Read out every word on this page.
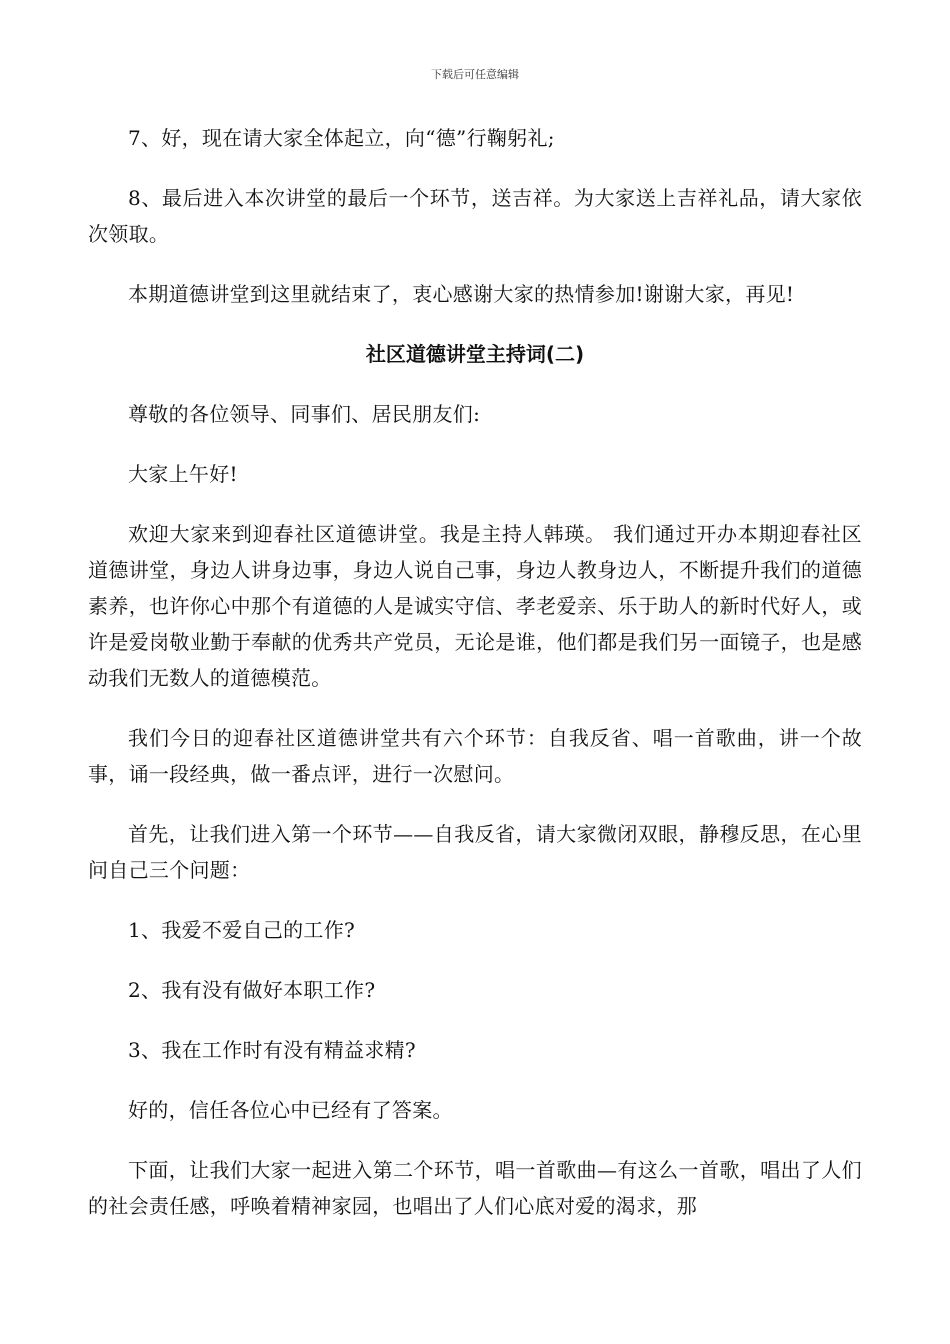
下载后可任意编辑

7、好，现在请大家全体起立，向“德”行鞠躬礼;

8、最后进入本次讲堂的最后一个环节，送吉祥。为大家送上吉祥礼品，请大家依次领取。

本期道德讲堂到这里就结束了，衷心感谢大家的热情参加!谢谢大家，再见!

社区道德讲堂主持词(二)

尊敬的各位领导、同事们、居民朋友们:

大家上午好!

欢迎大家来到迎春社区道德讲堂。我是主持人韩瑛。 我们通过开办本期迎春社区道德讲堂，身边人讲身边事，身边人说自己事，身边人教身边人，不断提升我们的道德素养，也许你心中那个有道德的人是诚实守信、孝老爱亲、乐于助人的新时代好人，或许是爱岗敬业勤于奉献的优秀共产党员，无论是谁，他们都是我们另一面镜子，也是感动我们无数人的道德模范。

我们今日的迎春社区道德讲堂共有六个环节：自我反省、唱一首歌曲，讲一个故事，诵一段经典，做一番点评，进行一次慰问。

首先，让我们进入第一个环节——自我反省，请大家微闭双眼，静穆反思，在心里问自己三个问题：

1、我爱不爱自己的工作?

2、我有没有做好本职工作?

3、我在工作时有没有精益求精?

好的，信任各位心中已经有了答案。

下面，让我们大家一起进入第二个环节，唱一首歌曲—有这么一首歌，唱出了人们的社会责任感，呼唤着精神家园，也唱出了人们心底对爱的渴求，那
